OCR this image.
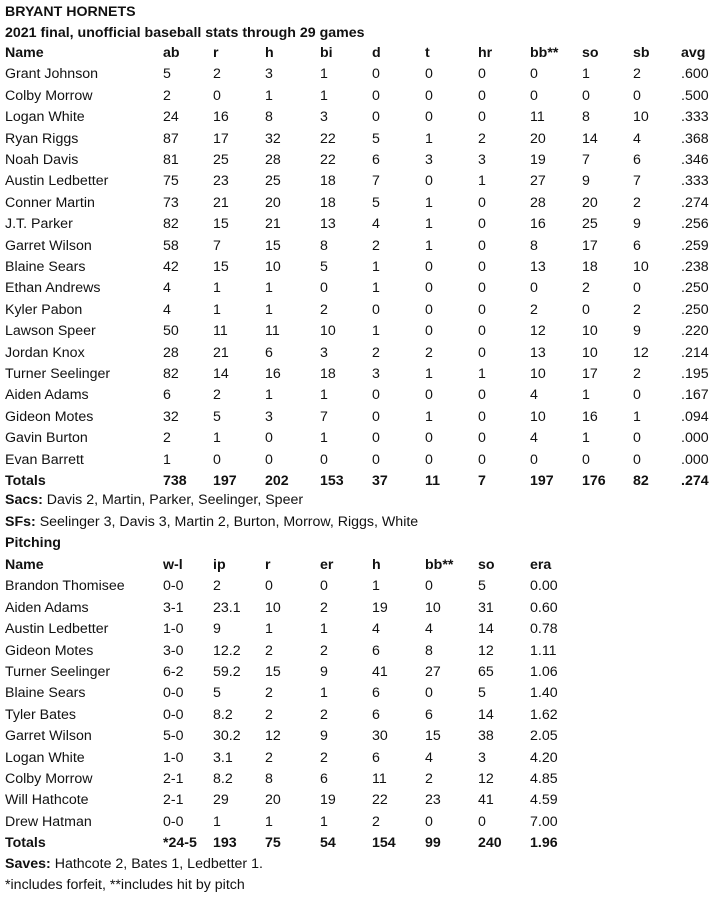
BRYANT HORNETS
2021 final, unofficial baseball stats through 29 games
Name	ab r	h	bi	d	t	hr	bb** so sb avg
Grant Johnson	5	2	3	1	0	0	0	0	1	2	.600
Colby Morrow	2	0	1	1	0	0	0	0	0	0	.500
Logan White	24 16	8	3	0	0	0	11	8	10 .333
Ryan Riggs	87 17	32	22	5	1	2	20	14 4	.368
Noah Davis	81 25	28	22	6	3	3	19	7	6	.346
Austin Ledbetter	75 23	25	18	7	0	1	27	9	7	.333
Conner Martin	73 21	20	18	5	1	0	28	20 2	.274
J.T. Parker	82 15	21	13	4	1	0	16	25 9	.256
Garret Wilson	58 7	15	8	2	1	0	8	17 6	.259
Blaine Sears	42 15	10	5	1	0	0	13	18 10 .238
Ethan Andrews	4	1	1	0	1	0	0	0	2	0	.250
Kyler Pabon	4	1	1	2	0	0	0	2	0	2	.250
Lawson Speer	50 11	11	10	1	0	0	12	10 9	.220
Jordan Knox	28 21	6	3	2	2	0	13	10 12 .214
Turner Seelinger	82 14	16	18	3	1	1	10	17 2	.195
Aiden Adams	6	2	1	1	0	0	0	4	1	0	.167
Gideon Motes	32 5	3	7	0	1	0	10	16 1	.094
Gavin Burton	2	1	0	1	0	0	0	4	1	0	.000
Evan Barrett	1	0	0	0	0	0	0	0	0	0	.000
Totals	738 197 202 153 37	11	7	197 176 82 .274
Sacs: Davis 2, Martin, Parker, Seelinger, Speer
SFs: Seelinger 3, Davis 3, Martin 2, Burton, Morrow, Riggs, White
Pitching
Name	w-l ip	r	er	h	bb** so era
Brandon Thomisee	0-0 2	0	0	1	0	5	0.00
Aiden Adams	3-1 23.1 10	2	19	10	31	0.60
Austin Ledbetter	1-0 9	1	1	4	4	14	0.78
Gideon Motes	3-0 12.2 2	2	6	8	12	1.11
Turner Seelinger	6-2 59.2 15	9	41	27	65	1.06
Blaine Sears	0-0 5	2	1	6	0	5	1.40
Tyler Bates	0-0 8.2 2	2	6	6	14	1.62
Garret Wilson	5-0 30.2 12	9	30	15	38	2.05
Logan White	1-0 3.1 2	2	6	4	3	4.20
Colby Morrow	2-1 8.2 8	6	11	2	12	4.85
Will Hathcote	2-1 29	20	19	22	23	41	4.59
Drew Hatman	0-0 1	1	1	2	0	0	7.00
Totals	*24-5 193 75	54	154 99	240 1.96
Saves: Hathcote 2, Bates 1, Ledbetter 1.
*includes forfeit, **includes hit by pitch
